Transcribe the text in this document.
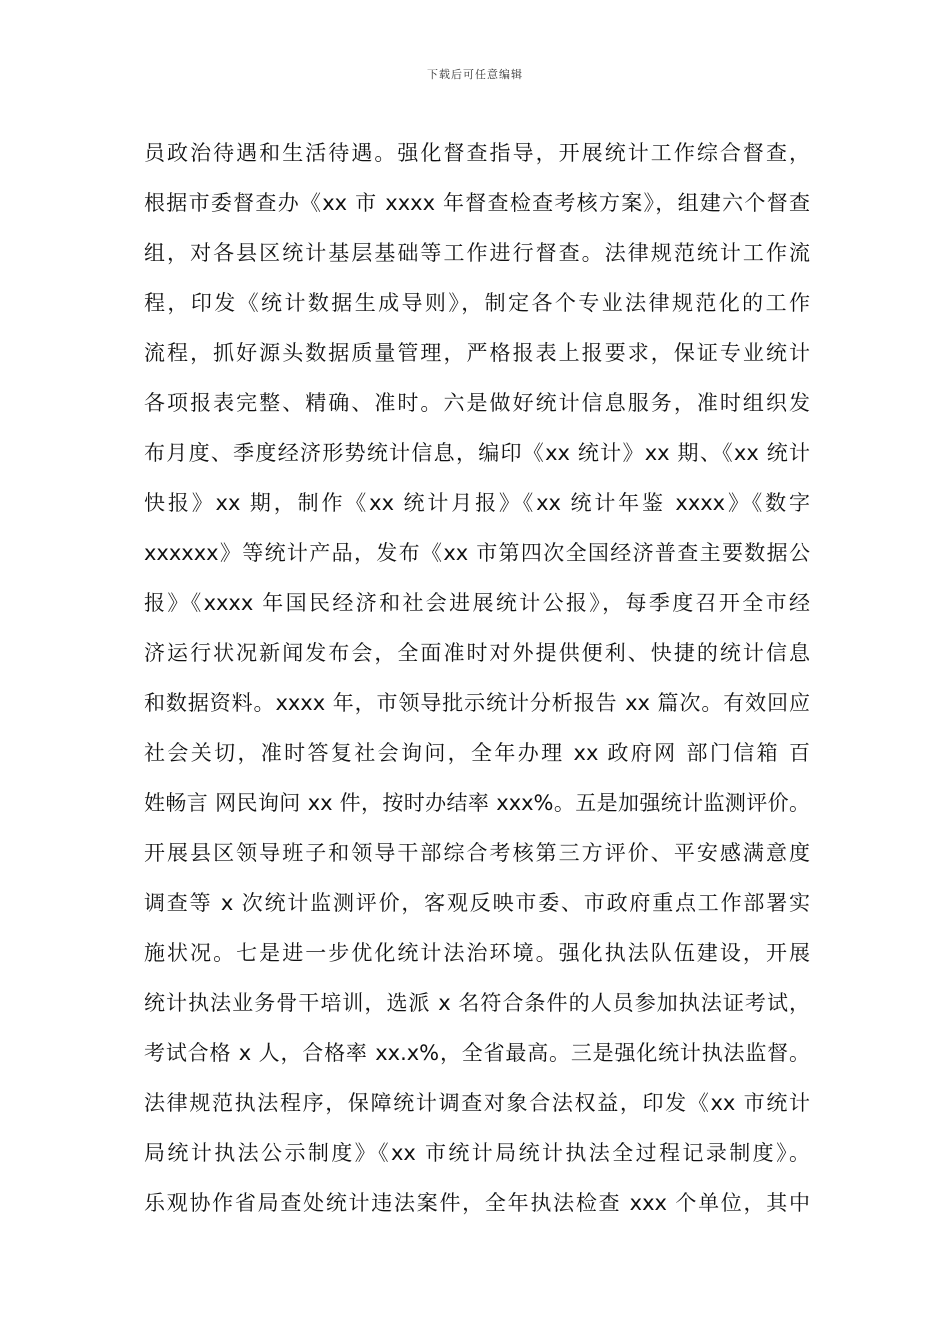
下载后可任意编辑
员政治待遇和生活待遇。强化督查指导，开展统计工作综合督查，
根据市委督查办《xx 市 xxxx 年督查检查考核方案》，组建六个督查
组，对各县区统计基层基础等工作进行督查。法律规范统计工作流
程，印发《统计数据生成导则》，制定各个专业法律规范化的工作
流程，抓好源头数据质量管理，严格报表上报要求，保证专业统计
各项报表完整、精确、准时。六是做好统计信息服务，准时组织发
布月度、季度经济形势统计信息，编印《xx 统计》xx 期、《xx 统计
快报》xx 期，制作《xx 统计月报》《xx 统计年鉴 xxxx》《数字
xxxxxx》等统计产品，发布《xx 市第四次全国经济普查主要数据公
报》《xxxx 年国民经济和社会进展统计公报》，每季度召开全市经
济运行状况新闻发布会，全面准时对外提供便利、快捷的统计信息
和数据资料。xxxx 年，市领导批示统计分析报告 xx 篇次。有效回应
社会关切，准时答复社会询问，全年办理 xx 政府网 部门信箱 百
姓畅言 网民询问 xx 件，按时办结率 xxx%。五是加强统计监测评价。
开展县区领导班子和领导干部综合考核第三方评价、平安感满意度
调查等 x 次统计监测评价，客观反映市委、市政府重点工作部署实
施状况。七是进一步优化统计法治环境。强化执法队伍建设，开展
统计执法业务骨干培训，选派 x 名符合条件的人员参加执法证考试，
考试合格 x 人，合格率 xx.x%，全省最高。三是强化统计执法监督。
法律规范执法程序，保障统计调查对象合法权益，印发《xx 市统计
局统计执法公示制度》《xx 市统计局统计执法全过程记录制度》。
乐观协作省局查处统计违法案件，全年执法检查 xxx 个单位，其中
